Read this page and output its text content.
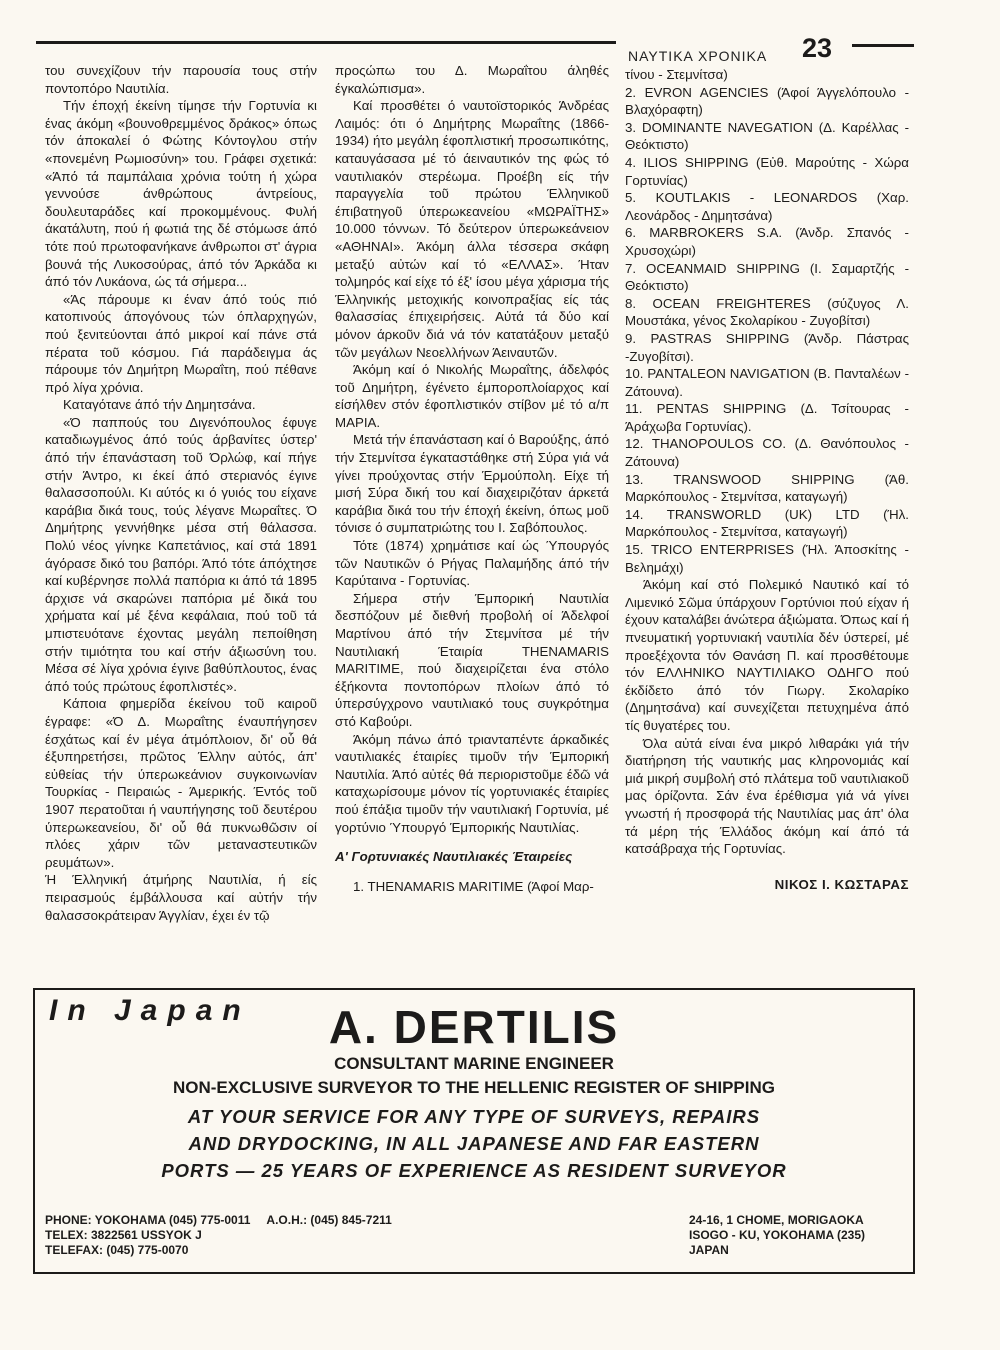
ΝΑΥΤΙΚΑ ΧΡΟΝΙΚΑ 23

του συνεχίζουν τήν παρουσία τους στήν ποντοπόρο Ναυτιλία.

Τήν έποχή έκείνη τίμησε τήν Γορτυνία κι ένας άκόμη «βουνοθρεμμένος δράκος» όπως τόν άποκαλεί ό Φώτης Κόντογλου στήν «πονεμένη Ρωμιοσύνη» του. Γράφει σχετικά: «Άπό τά παμπάλαια χρόνια τούτη ή χώρα γεννούσε άνθρώπους άντρείους, δουλευταράδες καί προκομμένους. Φυλή άκατάλυτη, πού ή φωτιά της δέ στόμωσε άπό τότε πού πρωτοφανήκανε άνθρωποι στ' άγρια βουνά τής Λυκοσούρας, άπό τόν Άρκάδα κι άπό τόν Λυκάονα, ώς τά σήμερα...

«Άς πάρουμε κι έναν άπό τούς πιό κατοπινούς άπογόνους τών όπλαρχηγών, πού ξενιτεύονται άπό μικροί καί πάνε στά πέρατα τοῦ κόσμου. Γιά παράδειγμα άς πάρουμε τόν Δημήτρη Μωραΐτη, πού πέθανε πρό λίγα χρόνια.

Καταγότανε άπό τήν Δημητσάνα.

«Ό παππούς του Διγενόπουλος έφυγε καταδιωγμένος άπό τούς άρβανίτες ύστερ' άπό τήν έπανάσταση τοῦ Όρλώφ, καί πήγε στήν Άντρο, κι έκεί άπό στεριανός έγινε θαλασσοπούλι. Κι αύτός κι ό γυιός του είχανε καράβια δικά τους, τούς λέγανε Μωραΐτες. Ό Δημήτρης γεννήθηκε μέσα στή θάλασσα. Πολύ νέος γίνηκε Καπετάνιος, καί στά 1891 άγόρασε δικό του βαπόρι. Άπό τότε άπόχτησε καί κυβέρνησε πολλά παπόρια κι άπό τά 1895 άρχισε νά σκαρώνει παπόρια μέ δικά του χρήματα καί μέ ξένα κεφάλαια, πού τοῦ τά μπιστευότανε έχοντας μεγάλη πεποίθηση στήν τιμιότητα του καί στήν άξιωσύνη του. Μέσα σέ λίγα χρόνια έγινε βαθύπλουτος, ένας άπό τούς πρώτους έφοπλιστές».

Κάποια φημερίδα έκείνου τοῦ καιροῦ έγραφε: «Ό Δ. Μωραΐτης έναυπήγησεν έσχάτως καί έν μέγα άτμόπλοιον, δι' οὗ θά έξυπηρετήσει, πρῶτος Έλλην αὐτός, άπ' εὐθείας τήν ύπερωκεάνιον συγκοινωνίαν Τουρκίας - Πειραιώς - Άμερικής. Έντός τοῦ 1907 περατοῦται ή ναυπήγησης τοῦ δευτέρου ύπερωκεανείου, δι' οὗ θά πυκνωθῶσιν οί πλόες χάριν τῶν μεταναστευτικῶν ρευμάτων».

Ή Έλληνική άτμήρης Ναυτιλία, ή είς πειρασμούς έμβάλλουσα καί αὐτήν τήν θαλασσοκράτειραν Άγγλίαν, έχει έν τῷ

προςώπω του Δ. Μωραΐτου άληθές έγκαλώπισμα».

Καί προσθέτει ό ναυτοϊστορικός Άνδρέας Λαιμός: ότι ό Δημήτρης Μωραΐτης (1866-1934) ήτο μεγάλη έφοπλιστική προσωπικότης, καταυγάσασα μέ τό άειναυτικόν της φώς τό ναυτιλιακόν στερέωμα. Προέβη είς τήν παραγγελία τοῦ πρώτου Έλληνικοῦ έπιβατηγοῦ ύπερωκεανείου «ΜΩΡΑΪΤΗΣ» 10.000 τόννων. Τό δεύτερον ύπερωκεάνειον «ΑΘΗΝΑΙ». Άκόμη άλλα τέσσερα σκάφη μεταξύ αὐτών καί τό «ΕΛΛΑΣ». Ήταν τολμηρός καί είχε τό έξ' ίσου μέγα χάρισμα τής Έλληνικής μετοχικής κοινοπραξίας είς τάς θαλασσίας έπιχειρήσεις. Αὐτά τά δύο καί μόνον άρκοῦν διά νά τόν κατατάξουν μεταξύ τῶν μεγάλων Νεοελλήνων Άειναυτῶν.

Άκόμη καί ό Νικολής Μωραΐτης, άδελφός τοῦ Δημήτρη, έγένετο έμποροπλοίαρχος καί είσήλθεν στόν έφοπλιστικόν στίβον μέ τό α/π ΜΑΡΙΑ.

Μετά τήν έπανάσταση καί ό Βαρούξης, άπό τήν Στεμνίτσα έγκαταστάθηκε στή Σύρα γιά νά γίνει προύχοντας στήν Έρμούπολη. Είχε τή μισή Σύρα δική του καί διαχειριζόταν άρκετά καράβια δικά του τήν έποχή έκείνη, όπως μοῦ τόνισε ό συμπατριώτης του Ι. Σαβόπουλος.

Τότε (1874) χρημάτισε καί ώς Ύπουργός τῶν Ναυτικῶν ό Ρήγας Παλαμήδης άπό τήν Καρύταινα - Γορτυνίας.

Σήμερα στήν Έμπορική Ναυτιλία δεσπόζουν μέ διεθνή προβολή οί Άδελφοί Μαρτίνου άπό τήν Στεμνίτσα μέ τήν Ναυτιλιακή Έταιρία THENAMARIS MARITIME, πού διαχειρίζεται ένα στόλο έξήκοντα ποντοπόρων πλοίων άπό τό ύπερσύγχρονο ναυτιλιακό τους συγκρότημα στό Καβούρι.

Άκόμη πάνω άπό τριανταπέντε άρκαδικές ναυτιλιακές έταιρίες τιμοῦν τήν Έμπορική Ναυτιλία. Άπό αὐτές θά περιοριστοῦμε έδῶ νά καταχωρίσουμε μόνον τίς γορτυνιακές έταιρίες πού έπάξια τιμοῦν τήν ναυτιλιακή Γορτυνία, μέ γορτύνιο Ύπουργό Έμπορικής Ναυτιλίας.

Α' Γορτυνιακές Ναυτιλιακές Έταιρείες

1. THENAMARIS MARITIME (Άφοί Μαρ-

τίνου - Στεμνίτσα)

2. EVRON AGENCIES (Άφοί Άγγελόπουλο - Βλαχόραφτη)

3. DOMINANTE NAVEGATION (Δ. Καρέλλας - Θεόκτιστο)

4. ILIOS SHIPPING (Εὐθ. Μαρούτης - Χώρα Γορτυνίας)

5. KOUTLAKIS - LEONARDOS (Χαρ. Λεονάρδος - Δημητσάνα)

6. MARBROKERS S.A. (Άνδρ. Σπανός - Χρυσοχώρι)

7. OCEANMAID SHIPPING (Ι. Σαμαρτζής - Θεόκτιστο)

8. OCEAN FREIGHTERES (σύζυγος Λ. Μουστάκα, γένος Σκολαρίκου - Ζυγοβίτσι)

9. PASTRAS SHIPPING (Άνδρ. Πάστρας -Ζυγοβίτσι).

10. PANTALEON NAVIGATION (Β. Πανταλέων - Ζάτουνα).

11. PENTAS SHIPPING (Δ. Τσίτουρας - Άράχωβα Γορτυνίας).

12. THANOPOULOS CO. (Δ. Θανόπουλος - Ζάτουνα)

13. TRANSWOOD SHIPPING (Άθ. Μαρκόπουλος - Στεμνίτσα, καταγωγή)

14. TRANSWORLD (UK) LTD (Ήλ. Μαρκόπουλος - Στεμνίτσα, καταγωγή)

15. TRICO ENTERPRISES (Ήλ. Άποσκίτης - Βελημάχι)

Άκόμη καί στό Πολεμικό Ναυτικό καί τό Λιμενικό Σῶμα ύπάρχουν Γορτύνιοι πού είχαν ή έχουν καταλάβει άνώτερα άξιώματα. Όπως καί ή πνευματική γορτυνιακή ναυτιλία δέν ύστερεί, μέ προεξέχοντα τόν Θανάση Π. καί προσθέτουμε τόν ΕΛΛΗΝΙΚΟ ΝΑΥΤΙΛΙΑΚΟ ΟΔΗΓΟ πού έκδίδετο άπό τόν Γιωργ. Σκολαρίκο (Δημητσάνα) καί συνεχίζεται πετυχημένα άπό τίς θυγατέρες του.

Όλα αὐτά είναι ένα μικρό λιθαράκι γιά τήν διατήρηση τής ναυτικής μας κληρονομιάς καί μιά μικρή συμβολή στό πλάτεμα τοῦ ναυτιλιακοῦ μας όρίζοντα. Σάν ένα έρέθισμα γιά νά γίνει γνωστή ή προσφορά τής Ναυτιλίας μας άπ' όλα τά μέρη τής Έλλάδος άκόμη καί άπό τά κατσάβραχα τής Γορτυνίας.

ΝΙΚΟΣ Ι. ΚΩΣΤΑΡΑΣ

In Japan	A. DERTILIS
CONSULTANT MARINE ENGINEER
NON-EXCLUSIVE SURVEYOR TO THE HELLENIC REGISTER OF SHIPPING
AT YOUR SERVICE FOR ANY TYPE OF SURVEYS, REPAIRS
AND DRYDOCKING, IN ALL JAPANESE AND FAR EASTERN
PORTS — 25 YEARS OF EXPERIENCE AS RESIDENT SURVEYOR
PHONE: YOKOHAMA (045) 775-0011 A.O.H.: (045) 845-7211
TELEX: 3822561 USSYOK J
TELEFAX: (045) 775-0070
24-16, 1 CHOME, MORIGAOKA
ISOGO - KU, YOKOHAMA (235)
JAPAN
